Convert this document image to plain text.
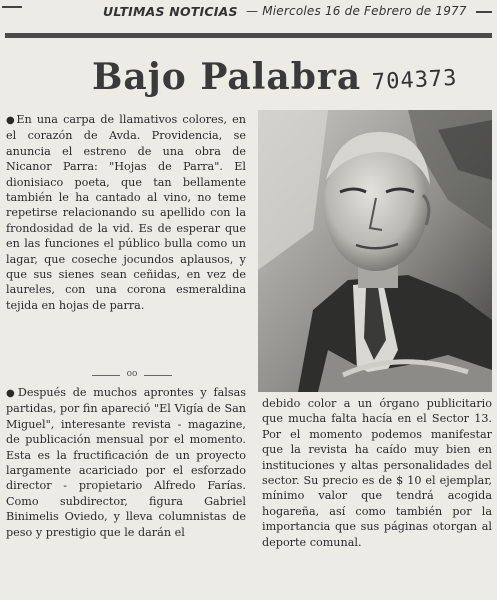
ULTIMAS NOTICIAS — Miercoles 16 de Febrero de 1977
Bajo Palabra 704373
●En una carpa de llamativos colores, en el corazón de Avda. Providencia, se anuncia el estreno de una obra de Nicanor Parra: "Hojas de Parra". El dionisiaco poeta, que tan bellamente también le ha cantado al vino, no teme repetirse relacionando su apellido con la frondosidad de la vid. Es de esperar que en las funciones el público bulla como un lagar, que coseche jocundos aplausos, y que sus sienes sean ceñidas, en vez de laureles, con una corona esmeraldina tejida en hojas de parra.
oo
●Después de muchos aprontes y falsas partidas, por fin apareció "El Vigía de San Miguel", interesante revista - magazine, de publicación mensual por el momento. Esta es la fructificación de un proyecto largamente acariciado por el esforzado director - propietario Alfredo Farías. Como subdirector, figura Gabriel Binimelis Oviedo, y lleva columnistas de peso y prestigio que le darán el
debido color a un órgano publicitario que mucha falta hacía en el Sector 13. Por el momento podemos manifestar que la revista ha caído muy bien en instituciones y altas personalidades del sector. Su precio es de $ 10 el ejemplar, mínimo valor que tendrá acogida hogareña, así como también por la importancia que sus páginas otorgan al deporte comunal.
